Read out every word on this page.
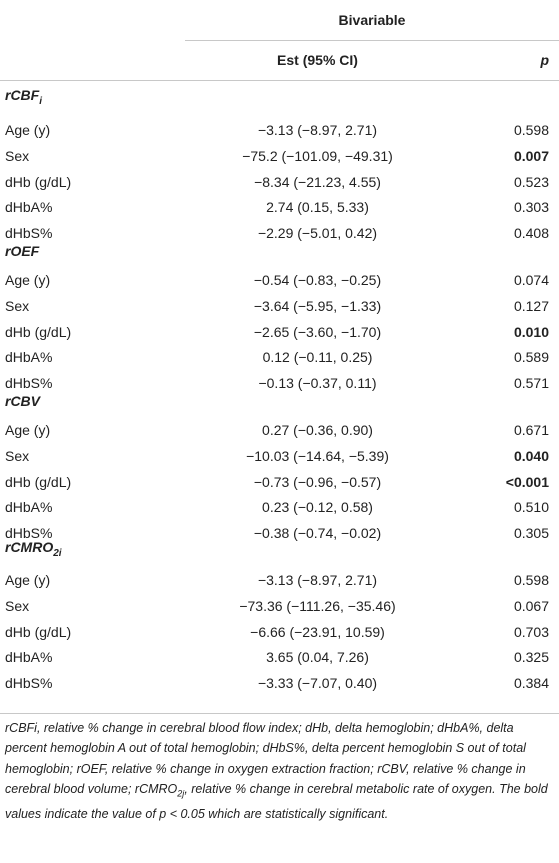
Bivariable
Est (95% CI)	p
rCBF$_i$
Age (y)	−3.13 (−8.97, 2.71)	0.598
Sex	−75.2 (−101.09, −49.31)	0.007
dHb (g/dL)	−8.34 (−21.23, 4.55)	0.523
dHbA%	2.74 (0.15, 5.33)	0.303
dHbS%	−2.29 (−5.01, 0.42)	0.408
rOEF
Age (y)	−0.54 (−0.83, −0.25)	0.074
Sex	−3.64 (−5.95, −1.33)	0.127
dHb (g/dL)	−2.65 (−3.60, −1.70)	0.010
dHbA%	0.12 (−0.11, 0.25)	0.589
dHbS%	−0.13 (−0.37, 0.11)	0.571
rCBV
Age (y)	0.27 (−0.36, 0.90)	0.671
Sex	−10.03 (−14.64, −5.39)	0.040
dHb (g/dL)	−0.73 (−0.96, −0.57)	<0.001
dHbA%	0.23 (−0.12, 0.58)	0.510
dHbS%	−0.38 (−0.74, −0.02)	0.305
rCMRO$_{2i}$
Age (y)	−3.13 (−8.97, 2.71)	0.598
Sex	−73.36 (−111.26, −35.46)	0.067
dHb (g/dL)	−6.66 (−23.91, 10.59)	0.703
dHbA%	3.65 (0.04, 7.26)	0.325
dHbS%	−3.33 (−7.07, 0.40)	0.384
rCBFi, relative % change in cerebral blood flow index; dHb, delta hemoglobin; dHbA%, delta percent hemoglobin A out of total hemoglobin; dHbS%, delta percent hemoglobin S out of total hemoglobin; rOEF, relative % change in oxygen extraction fraction; rCBV, relative % change in cerebral blood volume; rCMRO$_{2j}$, relative % change in cerebral metabolic rate of oxygen. The bold values indicate the value of p < 0.05 which are statistically significant.
